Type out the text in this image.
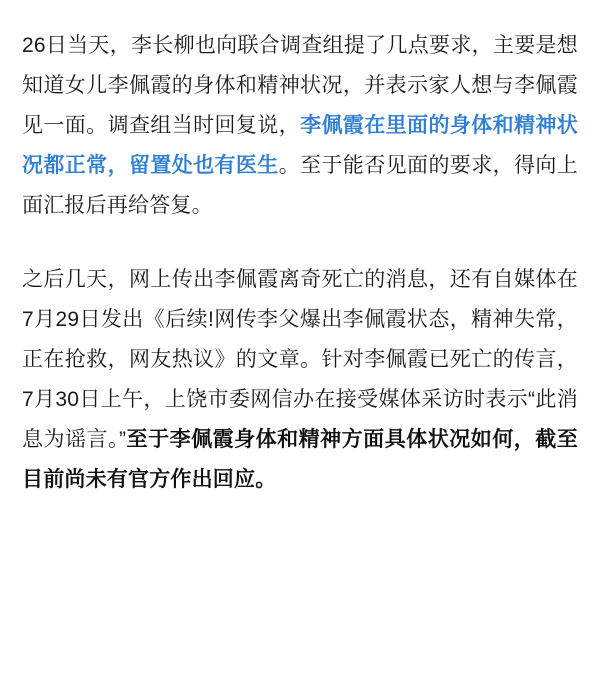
26日当天，李长柳也向联合调查组提了几点要求，主要是想知道女儿李佩霞的身体和精神状况，并表示家人想与李佩霞见一面。调查组当时回复说，李佩霞在里面的身体和精神状况都正常，留置处也有医生。至于能否见面的要求，得向上面汇报后再给答复。

之后几天，网上传出李佩霞离奇死亡的消息，还有自媒体在7月29日发出《后续!网传李父爆出李佩霞状态，精神失常，正在抢救，网友热议》的文章。针对李佩霞已死亡的传言，7月30日上午，上饶市委网信办在接受媒体采访时表示“此消息为谣言。”至于李佩霞身体和精神方面具体状况如何，截至目前尚未有官方作出回应。
